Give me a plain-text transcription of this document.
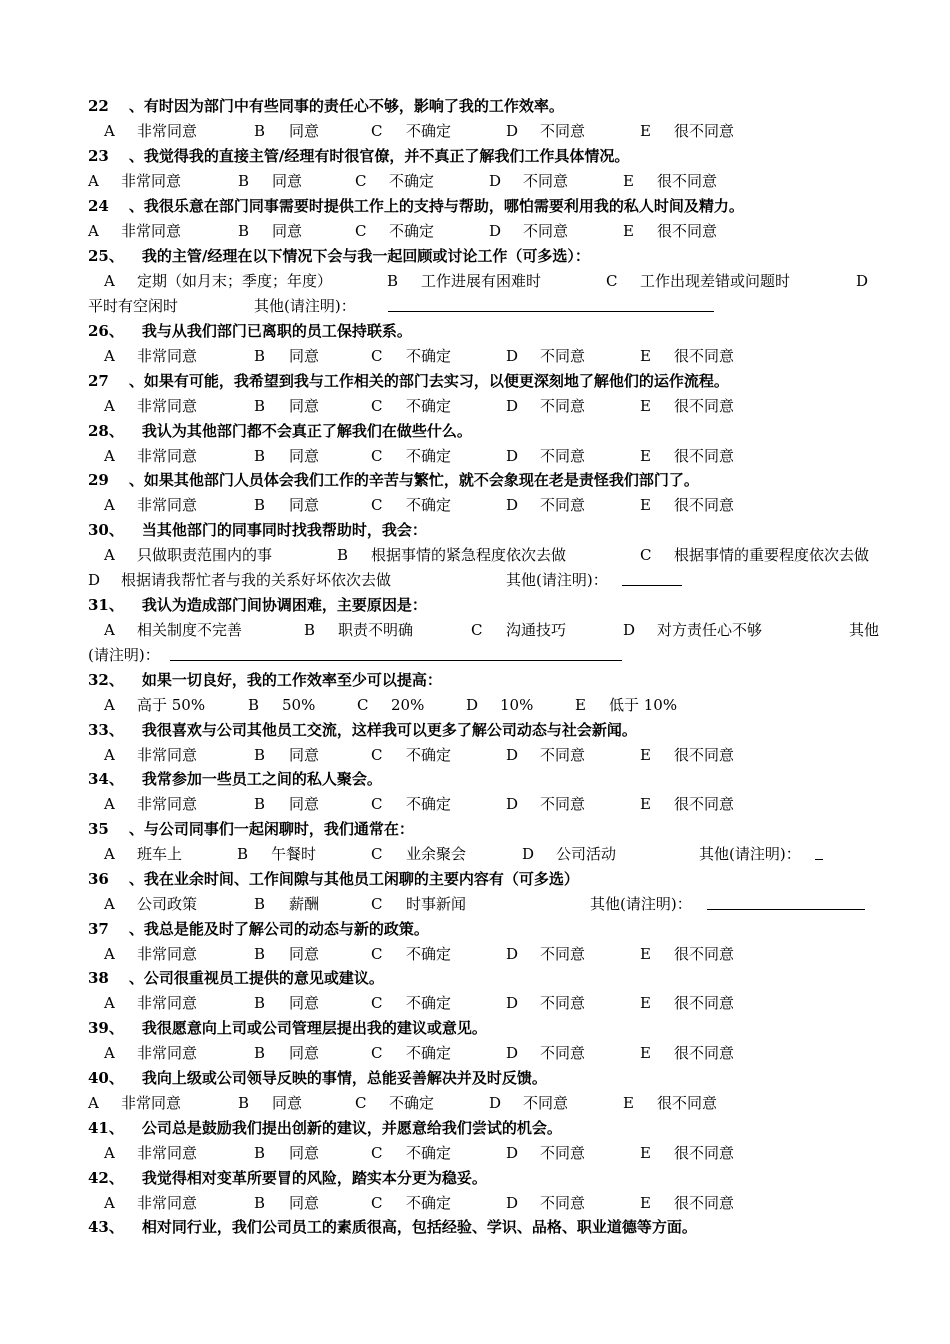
22 、有时因为部门中有些同事的责任心不够，影响了我的工作效率。
A 非常同意	B 同意	C 不确定	D 不同意	E 很不同意
23 、我觉得我的直接主管/经理有时很官僚，并不真正了解我们工作具体情况。
A 非常同意	B 同意	C 不确定	D 不同意	E 很不同意
24 、我很乐意在部门同事需要时提供工作上的支持与帮助，哪怕需要利用我的私人时间及精力。
A 非常同意	B 同意	C 不确定	D 不同意	E 很不同意
25、 我的主管/经理在以下情况下会与我一起回顾或讨论工作（可多选）：
A 定期（如月末；季度；年度）	B 工作进展有困难时	C 工作出现差错或问题时	D
平时有空闲时	其他(请注明)：
26、 我与从我们部门已离职的员工保持联系。
A 非常同意	B 同意	C 不确定	D 不同意	E 很不同意
27 、如果有可能，我希望到我与工作相关的部门去实习，以便更深刻地了解他们的运作流程。
A 非常同意	B 同意	C 不确定	D 不同意	E 很不同意
28、 我认为其他部门都不会真正了解我们在做些什么。
A 非常同意	B 同意	C 不确定	D 不同意	E 很不同意
29 、如果其他部门人员体会我们工作的辛苦与繁忙，就不会象现在老是责怪我们部门了。
A 非常同意	B 同意	C 不确定	D 不同意	E 很不同意
30、 当其他部门的同事同时找我帮助时，我会：
A 只做职责范围内的事	B 根据事情的紧急程度依次去做	C 根据事情的重要程度依次去做
D 根据请我帮忙者与我的关系好坏依次去做	其他(请注明)：
31、 我认为造成部门间协调困难，主要原因是：
A 相关制度不完善	B 职责不明确	C 沟通技巧	D 对方责任心不够	其他
(请注明)：
32、 如果一切良好，我的工作效率至少可以提高：
A 高于 50%	B 50%	C 20%	D 10%	E 低于 10%
33、 我很喜欢与公司其他员工交流，这样我可以更多了解公司动态与社会新闻。
A 非常同意	B 同意	C 不确定	D 不同意	E 很不同意
34、 我常参加一些员工之间的私人聚会。
A 非常同意	B 同意	C 不确定	D 不同意	E 很不同意
35 、与公司同事们一起闲聊时，我们通常在：
A 班车上	B 午餐时	C 业余聚会	D 公司活动	其他(请注明)：
36 、我在业余时间、工作间隙与其他员工闲聊的主要内容有（可多选）
A 公司政策	B 薪酬	C 时事新闻	其他(请注明)：
37 、我总是能及时了解公司的动态与新的政策。
A 非常同意	B 同意	C 不确定	D 不同意	E 很不同意
38 、公司很重视员工提供的意见或建议。
A 非常同意	B 同意	C 不确定	D 不同意	E 很不同意
39、 我很愿意向上司或公司管理层提出我的建议或意见。
A 非常同意	B 同意	C 不确定	D 不同意	E 很不同意
40、 我向上级或公司领导反映的事情，总能妥善解决并及时反馈。
A 非常同意	B 同意	C 不确定	D 不同意	E 很不同意
41、 公司总是鼓励我们提出创新的建议，并愿意给我们尝试的机会。
A 非常同意	B 同意	C 不确定	D 不同意	E 很不同意
42、 我觉得相对变革所要冒的风险，踏实本分更为稳妥。
A 非常同意	B 同意	C 不确定	D 不同意	E 很不同意
43、 相对同行业，我们公司员工的素质很高，包括经验、学识、品格、职业道德等方面。
